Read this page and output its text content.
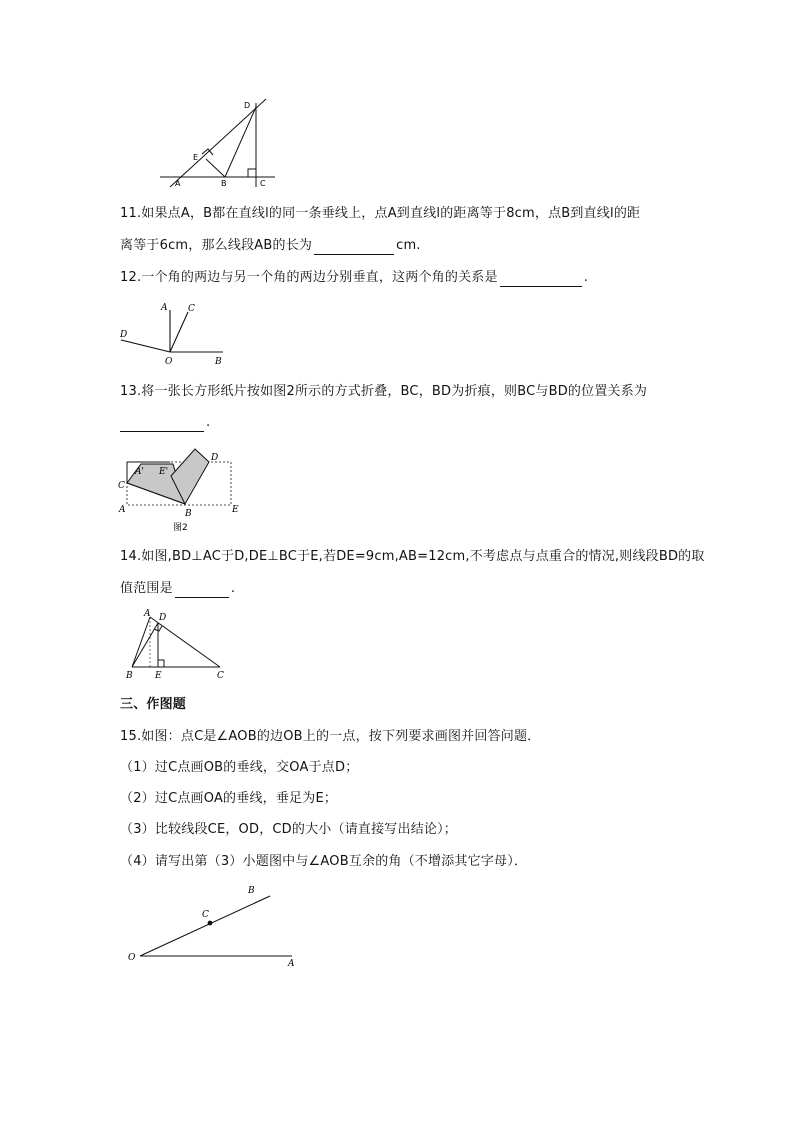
D
E
A	B	C
11.如果点A，B都在直线l的同一条垂线上，点A到直线l的距离等于8cm，点B到直线l的距
离等于6cm，那么线段AB的长为	cm.
12.一个角的两边与另一个角的两边分别垂直，这两个角的关系是	.
A C
D
O	B
13.将一张长方形纸片按如图2所示的方式折叠，BC，BD为折痕，则BC与BD的位置关系为
.
D
A' E'
C
A	B	E
图2
14.如图,BD⊥AC于D,DE⊥BC于E,若DE=9cm,AB=12cm,不考虑点与点重合的情况,则线段BD的取
值范围是	.
A D
B E	C
三、作图题
15.如图：点C是∠AOB的边OB上的一点，按下列要求画图并回答问题．
（1）过C点画OB的垂线，交OA于点D；
（2）过C点画OA的垂线，垂足为E；
（3）比较线段CE，OD，CD的大小（请直接写出结论）；
（4）请写出第（3）小题图中与∠AOB互余的角（不增添其它字母）．
B
C
O
A
